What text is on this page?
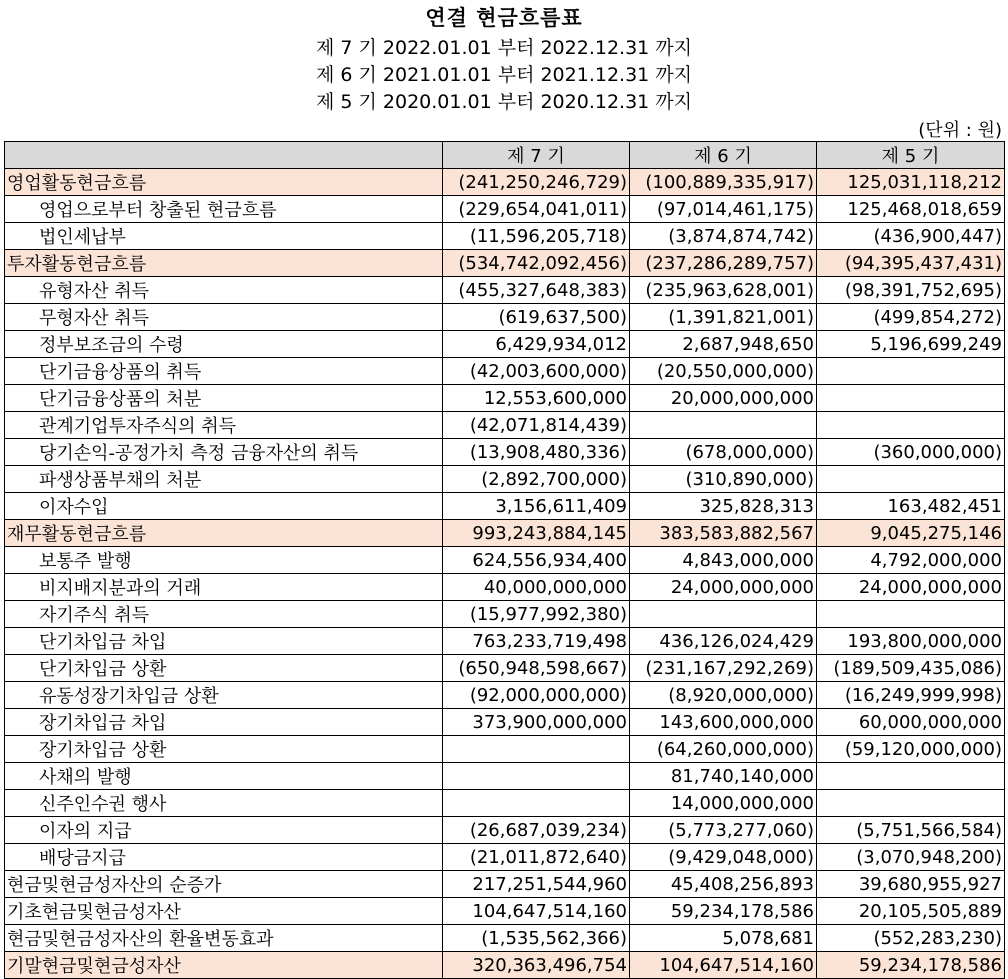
연결 현금흐름표
제 7 기 2022.01.01 부터 2022.12.31 까지
제 6 기 2021.01.01 부터 2021.12.31 까지
제 5 기 2020.01.01 부터 2020.12.31 까지
(단위 : 원)
	제 7 기	제 6 기	제 5 기
영업활동현금흐름	(241,250,246,729)	(100,889,335,917)	125,031,118,212
영업으로부터 창출된 현금흐름	(229,654,041,011)	(97,014,461,175)	125,468,018,659
법인세납부	(11,596,205,718)	(3,874,874,742)	(436,900,447)
투자활동현금흐름	(534,742,092,456)	(237,286,289,757)	(94,395,437,431)
유형자산 취득	(455,327,648,383)	(235,963,628,001)	(98,391,752,695)
무형자산 취득	(619,637,500)	(1,391,821,001)	(499,854,272)
정부보조금의 수령	6,429,934,012	2,687,948,650	5,196,699,249
단기금융상품의 취득	(42,003,600,000)	(20,550,000,000)	
단기금융상품의 처분	12,553,600,000	20,000,000,000	
관계기업투자주식의 취득	(42,071,814,439)		
당기손익-공정가치 측정 금융자산의 취득	(13,908,480,336)	(678,000,000)	(360,000,000)
파생상품부채의 처분	(2,892,700,000)	(310,890,000)	
이자수입	3,156,611,409	325,828,313	163,482,451
재무활동현금흐름	993,243,884,145	383,583,882,567	9,045,275,146
보통주 발행	624,556,934,400	4,843,000,000	4,792,000,000
비지배지분과의 거래	40,000,000,000	24,000,000,000	24,000,000,000
자기주식 취득	(15,977,992,380)		
단기차입금 차입	763,233,719,498	436,126,024,429	193,800,000,000
단기차입금 상환	(650,948,598,667)	(231,167,292,269)	(189,509,435,086)
유동성장기차입금 상환	(92,000,000,000)	(8,920,000,000)	(16,249,999,998)
장기차입금 차입	373,900,000,000	143,600,000,000	60,000,000,000
장기차입금 상환		(64,260,000,000)	(59,120,000,000)
사채의 발행		81,740,140,000	
신주인수권 행사		14,000,000,000	
이자의 지급	(26,687,039,234)	(5,773,277,060)	(5,751,566,584)
배당금지급	(21,011,872,640)	(9,429,048,000)	(3,070,948,200)
현금및현금성자산의 순증가	217,251,544,960	45,408,256,893	39,680,955,927
기초현금및현금성자산	104,647,514,160	59,234,178,586	20,105,505,889
현금및현금성자산의 환율변동효과	(1,535,562,366)	5,078,681	(552,283,230)
기말현금및현금성자산	320,363,496,754	104,647,514,160	59,234,178,586
